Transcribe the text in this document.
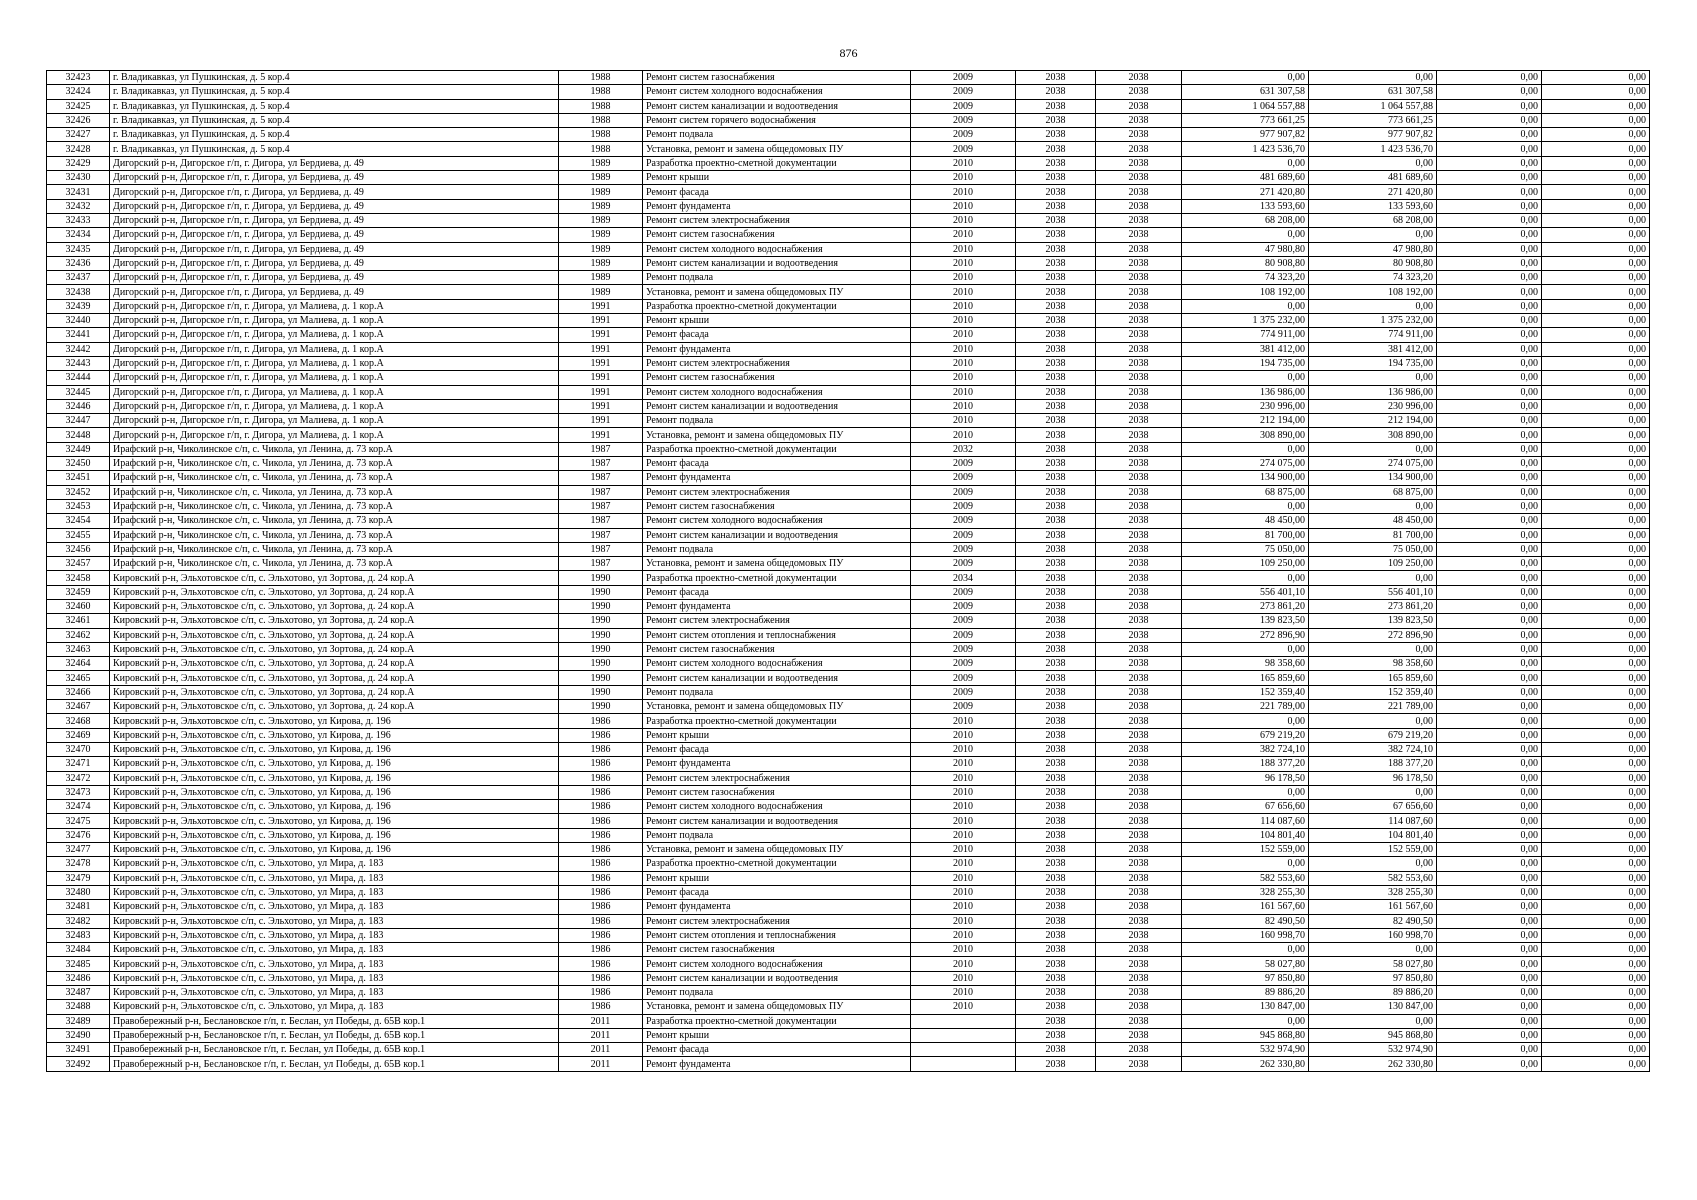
876
32423	г. Владикавказ, ул Пушкинская, д. 5 кор.4	1988	Ремонт систем газоснабжения	2009	2038	2038	0,00	0,00	0,00	0,00
32424	г. Владикавказ, ул Пушкинская, д. 5 кор.4	1988	Ремонт систем холодного водоснабжения	2009	2038	2038	631 307,58	631 307,58	0,00	0,00
32425	г. Владикавказ, ул Пушкинская, д. 5 кор.4	1988	Ремонт систем канализации и водоотведения	2009	2038	2038	1 064 557,88	1 064 557,88	0,00	0,00
32426	г. Владикавказ, ул Пушкинская, д. 5 кор.4	1988	Ремонт систем горячего водоснабжения	2009	2038	2038	773 661,25	773 661,25	0,00	0,00
32427	г. Владикавказ, ул Пушкинская, д. 5 кор.4	1988	Ремонт подвала	2009	2038	2038	977 907,82	977 907,82	0,00	0,00
32428	г. Владикавказ, ул Пушкинская, д. 5 кор.4	1988	Установка, ремонт и замена общедомовых ПУ	2009	2038	2038	1 423 536,70	1 423 536,70	0,00	0,00
32429	Дигорский р-н, Дигорское г/п, г. Дигора, ул Бердиева, д. 49	1989	Разработка проектно-сметной документации	2010	2038	2038	0,00	0,00	0,00	0,00
32430	Дигорский р-н, Дигорское г/п, г. Дигора, ул Бердиева, д. 49	1989	Ремонт крыши	2010	2038	2038	481 689,60	481 689,60	0,00	0,00
32431	Дигорский р-н, Дигорское г/п, г. Дигора, ул Бердиева, д. 49	1989	Ремонт фасада	2010	2038	2038	271 420,80	271 420,80	0,00	0,00
32432	Дигорский р-н, Дигорское г/п, г. Дигора, ул Бердиева, д. 49	1989	Ремонт фундамента	2010	2038	2038	133 593,60	133 593,60	0,00	0,00
32433	Дигорский р-н, Дигорское г/п, г. Дигора, ул Бердиева, д. 49	1989	Ремонт систем электроснабжения	2010	2038	2038	68 208,00	68 208,00	0,00	0,00
32434	Дигорский р-н, Дигорское г/п, г. Дигора, ул Бердиева, д. 49	1989	Ремонт систем газоснабжения	2010	2038	2038	0,00	0,00	0,00	0,00
32435	Дигорский р-н, Дигорское г/п, г. Дигора, ул Бердиева, д. 49	1989	Ремонт систем холодного водоснабжения	2010	2038	2038	47 980,80	47 980,80	0,00	0,00
32436	Дигорский р-н, Дигорское г/п, г. Дигора, ул Бердиева, д. 49	1989	Ремонт систем канализации и водоотведения	2010	2038	2038	80 908,80	80 908,80	0,00	0,00
32437	Дигорский р-н, Дигорское г/п, г. Дигора, ул Бердиева, д. 49	1989	Ремонт подвала	2010	2038	2038	74 323,20	74 323,20	0,00	0,00
32438	Дигорский р-н, Дигорское г/п, г. Дигора, ул Бердиева, д. 49	1989	Установка, ремонт и замена общедомовых ПУ	2010	2038	2038	108 192,00	108 192,00	0,00	0,00
32439	Дигорский р-н, Дигорское г/п, г. Дигора, ул Малиева, д. 1 кор.А	1991	Разработка проектно-сметной документации	2010	2038	2038	0,00	0,00	0,00	0,00
32440	Дигорский р-н, Дигорское г/п, г. Дигора, ул Малиева, д. 1 кор.А	1991	Ремонт крыши	2010	2038	2038	1 375 232,00	1 375 232,00	0,00	0,00
32441	Дигорский р-н, Дигорское г/п, г. Дигора, ул Малиева, д. 1 кор.А	1991	Ремонт фасада	2010	2038	2038	774 911,00	774 911,00	0,00	0,00
32442	Дигорский р-н, Дигорское г/п, г. Дигора, ул Малиева, д. 1 кор.А	1991	Ремонт фундамента	2010	2038	2038	381 412,00	381 412,00	0,00	0,00
32443	Дигорский р-н, Дигорское г/п, г. Дигора, ул Малиева, д. 1 кор.А	1991	Ремонт систем электроснабжения	2010	2038	2038	194 735,00	194 735,00	0,00	0,00
32444	Дигорский р-н, Дигорское г/п, г. Дигора, ул Малиева, д. 1 кор.А	1991	Ремонт систем газоснабжения	2010	2038	2038	0,00	0,00	0,00	0,00
32445	Дигорский р-н, Дигорское г/п, г. Дигора, ул Малиева, д. 1 кор.А	1991	Ремонт систем холодного водоснабжения	2010	2038	2038	136 986,00	136 986,00	0,00	0,00
32446	Дигорский р-н, Дигорское г/п, г. Дигора, ул Малиева, д. 1 кор.А	1991	Ремонт систем канализации и водоотведения	2010	2038	2038	230 996,00	230 996,00	0,00	0,00
32447	Дигорский р-н, Дигорское г/п, г. Дигора, ул Малиева, д. 1 кор.А	1991	Ремонт подвала	2010	2038	2038	212 194,00	212 194,00	0,00	0,00
32448	Дигорский р-н, Дигорское г/п, г. Дигора, ул Малиева, д. 1 кор.А	1991	Установка, ремонт и замена общедомовых ПУ	2010	2038	2038	308 890,00	308 890,00	0,00	0,00
32449	Ирафский р-н, Чиколинское с/п, с. Чикола, ул Ленина, д. 73 кор.А	1987	Разработка проектно-сметной документации	2032	2038	2038	0,00	0,00	0,00	0,00
32450	Ирафский р-н, Чиколинское с/п, с. Чикола, ул Ленина, д. 73 кор.А	1987	Ремонт фасада	2009	2038	2038	274 075,00	274 075,00	0,00	0,00
32451	Ирафский р-н, Чиколинское с/п, с. Чикола, ул Ленина, д. 73 кор.А	1987	Ремонт фундамента	2009	2038	2038	134 900,00	134 900,00	0,00	0,00
32452	Ирафский р-н, Чиколинское с/п, с. Чикола, ул Ленина, д. 73 кор.А	1987	Ремонт систем электроснабжения	2009	2038	2038	68 875,00	68 875,00	0,00	0,00
32453	Ирафский р-н, Чиколинское с/п, с. Чикола, ул Ленина, д. 73 кор.А	1987	Ремонт систем газоснабжения	2009	2038	2038	0,00	0,00	0,00	0,00
32454	Ирафский р-н, Чиколинское с/п, с. Чикола, ул Ленина, д. 73 кор.А	1987	Ремонт систем холодного водоснабжения	2009	2038	2038	48 450,00	48 450,00	0,00	0,00
32455	Ирафский р-н, Чиколинское с/п, с. Чикола, ул Ленина, д. 73 кор.А	1987	Ремонт систем канализации и водоотведения	2009	2038	2038	81 700,00	81 700,00	0,00	0,00
32456	Ирафский р-н, Чиколинское с/п, с. Чикола, ул Ленина, д. 73 кор.А	1987	Ремонт подвала	2009	2038	2038	75 050,00	75 050,00	0,00	0,00
32457	Ирафский р-н, Чиколинское с/п, с. Чикола, ул Ленина, д. 73 кор.А	1987	Установка, ремонт и замена общедомовых ПУ	2009	2038	2038	109 250,00	109 250,00	0,00	0,00
32458	Кировский р-н, Эльхотовское с/п, с. Эльхотово, ул Зортова, д. 24 кор.А	1990	Разработка проектно-сметной документации	2034	2038	2038	0,00	0,00	0,00	0,00
32459	Кировский р-н, Эльхотовское с/п, с. Эльхотово, ул Зортова, д. 24 кор.А	1990	Ремонт фасада	2009	2038	2038	556 401,10	556 401,10	0,00	0,00
32460	Кировский р-н, Эльхотовское с/п, с. Эльхотово, ул Зортова, д. 24 кор.А	1990	Ремонт фундамента	2009	2038	2038	273 861,20	273 861,20	0,00	0,00
32461	Кировский р-н, Эльхотовское с/п, с. Эльхотово, ул Зортова, д. 24 кор.А	1990	Ремонт систем электроснабжения	2009	2038	2038	139 823,50	139 823,50	0,00	0,00
32462	Кировский р-н, Эльхотовское с/п, с. Эльхотово, ул Зортова, д. 24 кор.А	1990	Ремонт систем отопления и теплоснабжения	2009	2038	2038	272 896,90	272 896,90	0,00	0,00
32463	Кировский р-н, Эльхотовское с/п, с. Эльхотово, ул Зортова, д. 24 кор.А	1990	Ремонт систем газоснабжения	2009	2038	2038	0,00	0,00	0,00	0,00
32464	Кировский р-н, Эльхотовское с/п, с. Эльхотово, ул Зортова, д. 24 кор.А	1990	Ремонт систем холодного водоснабжения	2009	2038	2038	98 358,60	98 358,60	0,00	0,00
32465	Кировский р-н, Эльхотовское с/п, с. Эльхотово, ул Зортова, д. 24 кор.А	1990	Ремонт систем канализации и водоотведения	2009	2038	2038	165 859,60	165 859,60	0,00	0,00
32466	Кировский р-н, Эльхотовское с/п, с. Эльхотово, ул Зортова, д. 24 кор.А	1990	Ремонт подвала	2009	2038	2038	152 359,40	152 359,40	0,00	0,00
32467	Кировский р-н, Эльхотовское с/п, с. Эльхотово, ул Зортова, д. 24 кор.А	1990	Установка, ремонт и замена общедомовых ПУ	2009	2038	2038	221 789,00	221 789,00	0,00	0,00
32468	Кировский р-н, Эльхотовское с/п, с. Эльхотово, ул Кирова, д. 196	1986	Разработка проектно-сметной документации	2010	2038	2038	0,00	0,00	0,00	0,00
32469	Кировский р-н, Эльхотовское с/п, с. Эльхотово, ул Кирова, д. 196	1986	Ремонт крыши	2010	2038	2038	679 219,20	679 219,20	0,00	0,00
32470	Кировский р-н, Эльхотовское с/п, с. Эльхотово, ул Кирова, д. 196	1986	Ремонт фасада	2010	2038	2038	382 724,10	382 724,10	0,00	0,00
32471	Кировский р-н, Эльхотовское с/п, с. Эльхотово, ул Кирова, д. 196	1986	Ремонт фундамента	2010	2038	2038	188 377,20	188 377,20	0,00	0,00
32472	Кировский р-н, Эльхотовское с/п, с. Эльхотово, ул Кирова, д. 196	1986	Ремонт систем электроснабжения	2010	2038	2038	96 178,50	96 178,50	0,00	0,00
32473	Кировский р-н, Эльхотовское с/п, с. Эльхотово, ул Кирова, д. 196	1986	Ремонт систем газоснабжения	2010	2038	2038	0,00	0,00	0,00	0,00
32474	Кировский р-н, Эльхотовское с/п, с. Эльхотово, ул Кирова, д. 196	1986	Ремонт систем холодного водоснабжения	2010	2038	2038	67 656,60	67 656,60	0,00	0,00
32475	Кировский р-н, Эльхотовское с/п, с. Эльхотово, ул Кирова, д. 196	1986	Ремонт систем канализации и водоотведения	2010	2038	2038	114 087,60	114 087,60	0,00	0,00
32476	Кировский р-н, Эльхотовское с/п, с. Эльхотово, ул Кирова, д. 196	1986	Ремонт подвала	2010	2038	2038	104 801,40	104 801,40	0,00	0,00
32477	Кировский р-н, Эльхотовское с/п, с. Эльхотово, ул Кирова, д. 196	1986	Установка, ремонт и замена общедомовых ПУ	2010	2038	2038	152 559,00	152 559,00	0,00	0,00
32478	Кировский р-н, Эльхотовское с/п, с. Эльхотово, ул Мира, д. 183	1986	Разработка проектно-сметной документации	2010	2038	2038	0,00	0,00	0,00	0,00
32479	Кировский р-н, Эльхотовское с/п, с. Эльхотово, ул Мира, д. 183	1986	Ремонт крыши	2010	2038	2038	582 553,60	582 553,60	0,00	0,00
32480	Кировский р-н, Эльхотовское с/п, с. Эльхотово, ул Мира, д. 183	1986	Ремонт фасада	2010	2038	2038	328 255,30	328 255,30	0,00	0,00
32481	Кировский р-н, Эльхотовское с/п, с. Эльхотово, ул Мира, д. 183	1986	Ремонт фундамента	2010	2038	2038	161 567,60	161 567,60	0,00	0,00
32482	Кировский р-н, Эльхотовское с/п, с. Эльхотово, ул Мира, д. 183	1986	Ремонт систем электроснабжения	2010	2038	2038	82 490,50	82 490,50	0,00	0,00
32483	Кировский р-н, Эльхотовское с/п, с. Эльхотово, ул Мира, д. 183	1986	Ремонт систем отопления и теплоснабжения	2010	2038	2038	160 998,70	160 998,70	0,00	0,00
32484	Кировский р-н, Эльхотовское с/п, с. Эльхотово, ул Мира, д. 183	1986	Ремонт систем газоснабжения	2010	2038	2038	0,00	0,00	0,00	0,00
32485	Кировский р-н, Эльхотовское с/п, с. Эльхотово, ул Мира, д. 183	1986	Ремонт систем холодного водоснабжения	2010	2038	2038	58 027,80	58 027,80	0,00	0,00
32486	Кировский р-н, Эльхотовское с/п, с. Эльхотово, ул Мира, д. 183	1986	Ремонт систем канализации и водоотведения	2010	2038	2038	97 850,80	97 850,80	0,00	0,00
32487	Кировский р-н, Эльхотовское с/п, с. Эльхотово, ул Мира, д. 183	1986	Ремонт подвала	2010	2038	2038	89 886,20	89 886,20	0,00	0,00
32488	Кировский р-н, Эльхотовское с/п, с. Эльхотово, ул Мира, д. 183	1986	Установка, ремонт и замена общедомовых ПУ	2010	2038	2038	130 847,00	130 847,00	0,00	0,00
32489	Правобережный р-н, Беслановское г/п, г. Беслан, ул Победы, д. 65В кор.1	2011	Разработка проектно-сметной документации		2038	2038	0,00	0,00	0,00	0,00
32490	Правобережный р-н, Беслановское г/п, г. Беслан, ул Победы, д. 65В кор.1	2011	Ремонт крыши		2038	2038	945 868,80	945 868,80	0,00	0,00
32491	Правобережный р-н, Беслановское г/п, г. Беслан, ул Победы, д. 65В кор.1	2011	Ремонт фасада		2038	2038	532 974,90	532 974,90	0,00	0,00
32492	Правобережный р-н, Беслановское г/п, г. Беслан, ул Победы, д. 65В кор.1	2011	Ремонт фундамента		2038	2038	262 330,80	262 330,80	0,00	0,00
